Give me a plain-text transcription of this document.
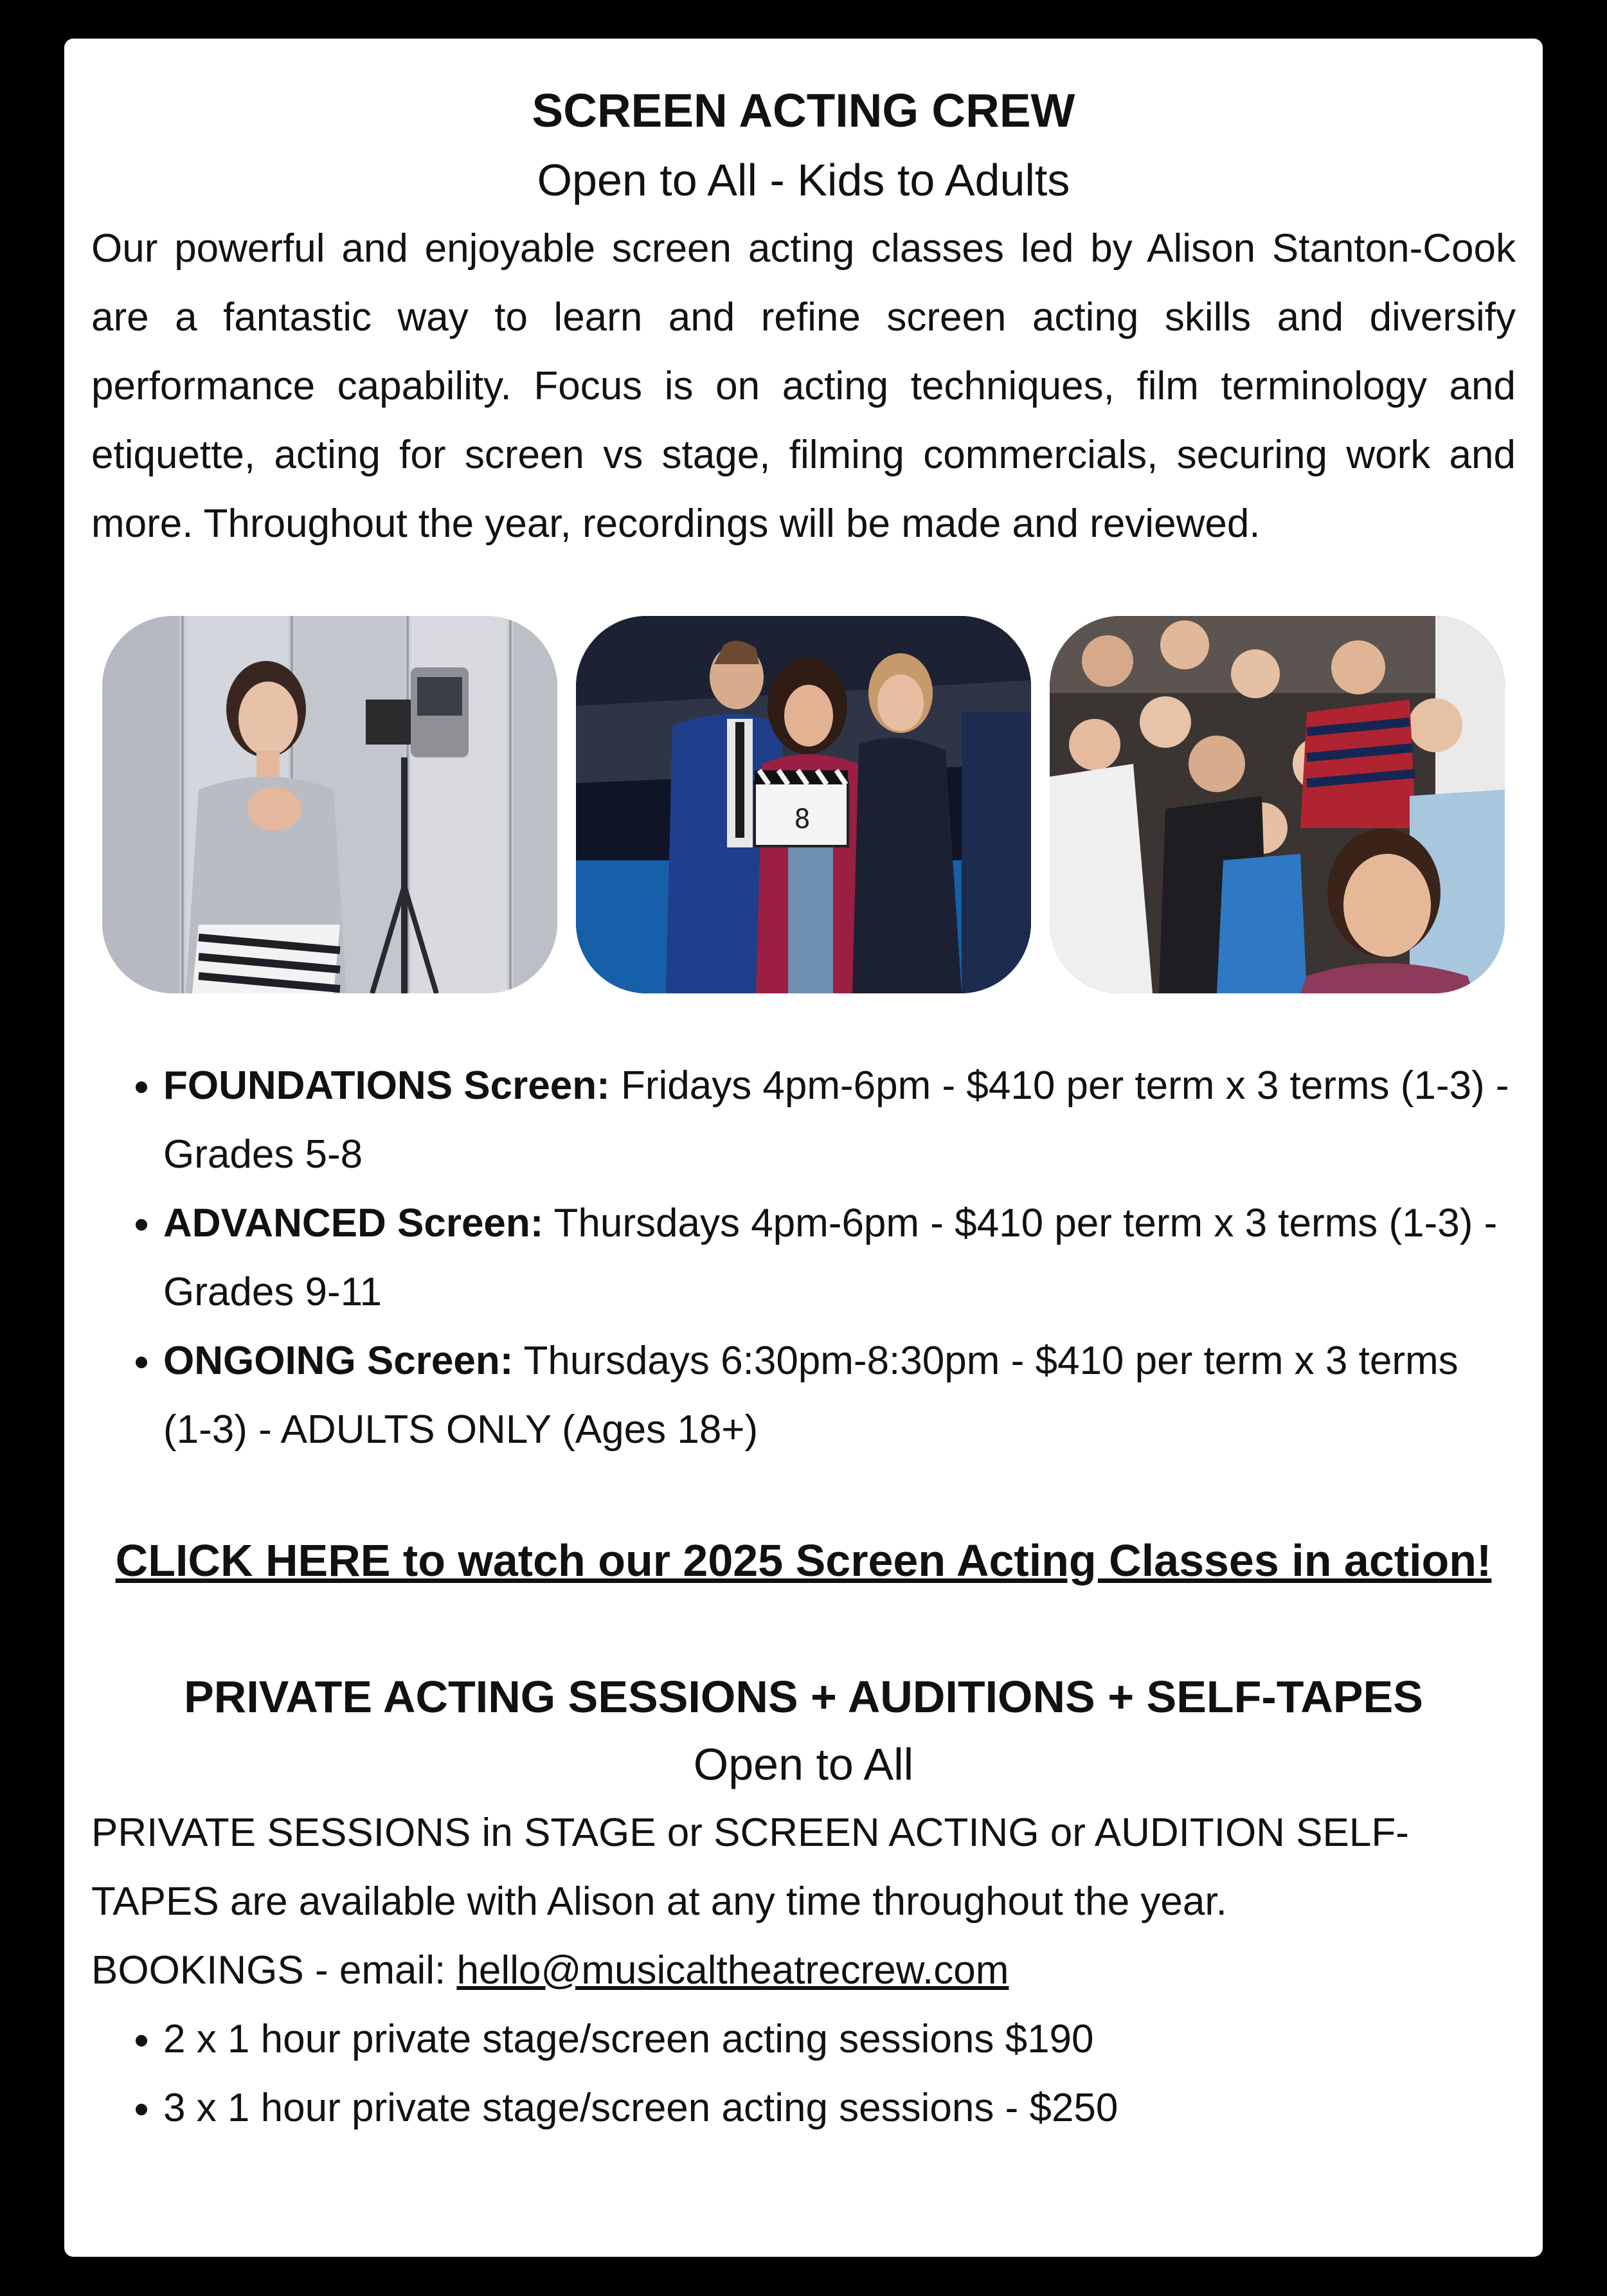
SCREEN ACTING CREW

Open to All - Kids to Adults

Our powerful and enjoyable screen acting classes led by Alison Stanton-Cook are a fantastic way to learn and refine screen acting skills and diversify performance capability. Focus is on acting techniques, film terminology and etiquette, acting for screen vs stage, filming commercials, securing work and more. Throughout the year, recordings will be made and reviewed.

8
• FOUNDATIONS Screen: Fridays 4pm-6pm - $410 per term x 3 terms (1-3) - Grades 5-8
• ADVANCED Screen: Thursdays 4pm-6pm - $410 per term x 3 terms (1-3) - Grades 9-11
• ONGOING Screen: Thursdays 6:30pm-8:30pm - $410 per term x 3 terms (1-3) - ADULTS ONLY (Ages 18+)
CLICK HERE to watch our 2025 Screen Acting Classes in action!
PRIVATE ACTING SESSIONS + AUDITIONS + SELF-TAPES

Open to All

PRIVATE SESSIONS in STAGE or SCREEN ACTING or AUDITION SELF-TAPES are available with Alison at any time throughout the year.

BOOKINGS - email: hello@musicaltheatrecrew.com

• 2 x 1 hour private stage/screen acting sessions $190
• 3 x 1 hour private stage/screen acting sessions - $250
